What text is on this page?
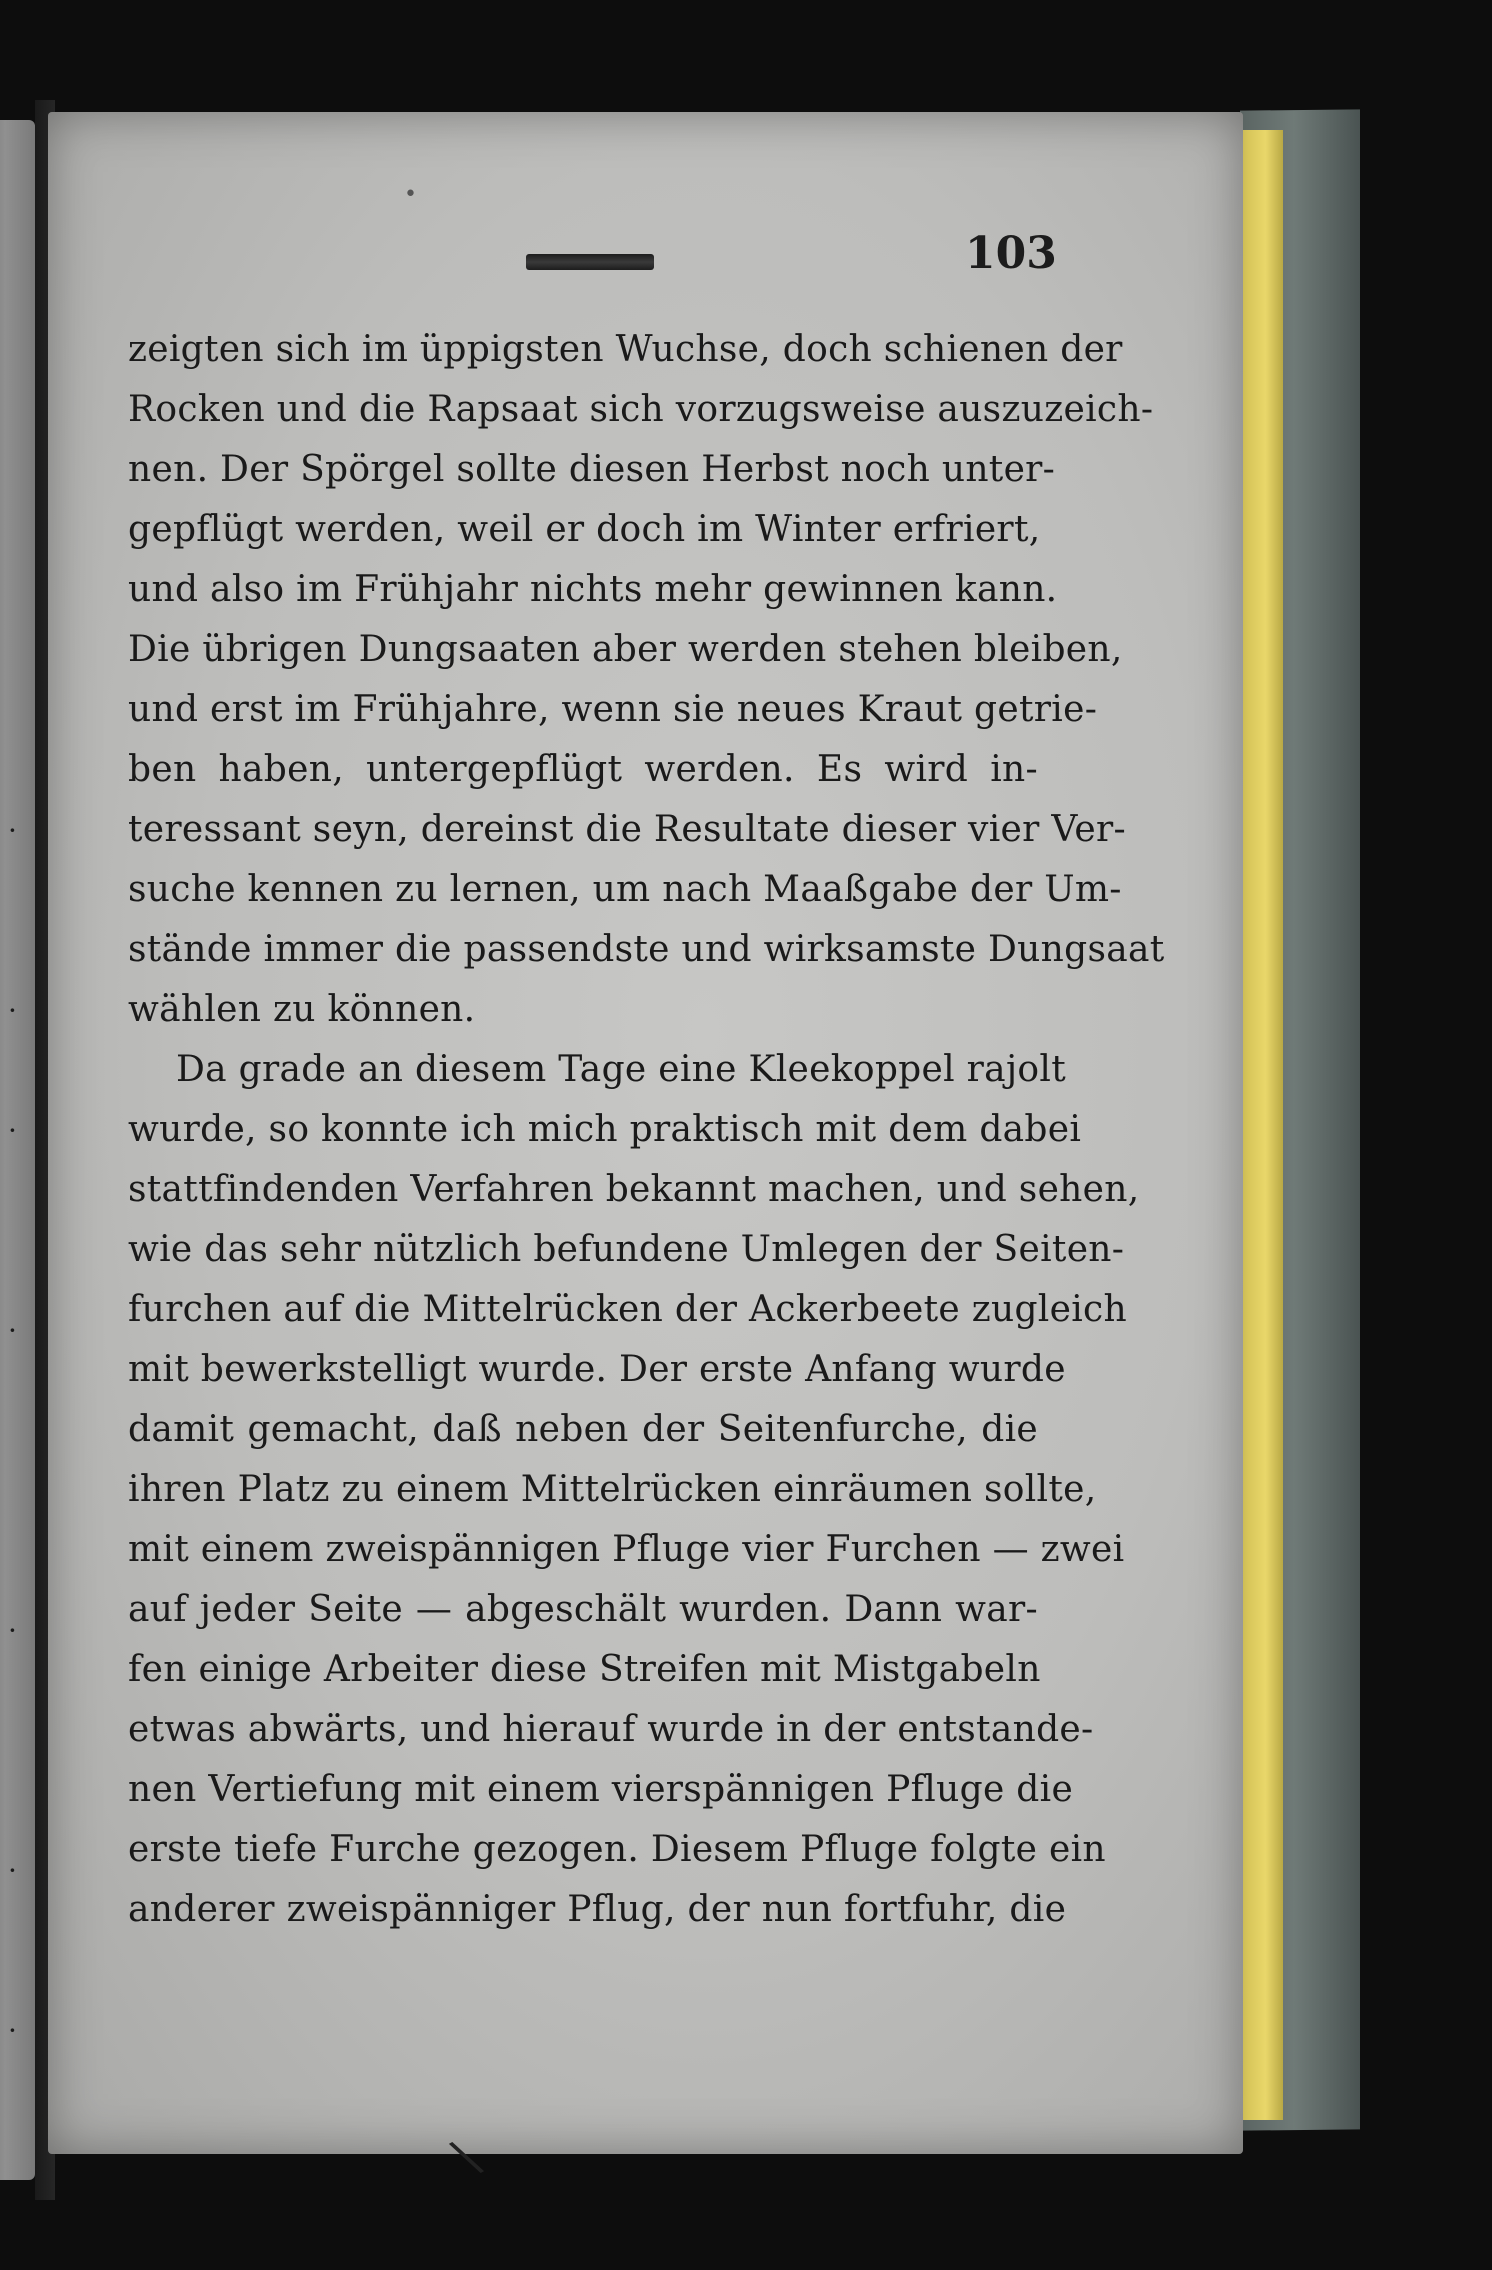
·
·
·
·
·
·
·
•
103
zeigten sich im üppigsten Wuchse, doch schienen der
Rocken und die Rapsaat sich vorzugsweise auszuzeich-
nen. Der Spörgel sollte diesen Herbst noch unter-
gepflügt werden, weil er doch im Winter erfriert,
und also im Frühjahr nichts mehr gewinnen kann.
Die übrigen Dungsaaten aber werden stehen bleiben,
und erst im Frühjahre, wenn sie neues Kraut getrie-
ben haben, untergepflügt werden. Es wird in-
teressant seyn, dereinst die Resultate dieser vier Ver-
suche kennen zu lernen, um nach Maaßgabe der Um-
stände immer die passendste und wirksamste Dungsaat
wählen zu können.
Da grade an diesem Tage eine Kleekoppel rajolt
wurde, so konnte ich mich praktisch mit dem dabei
stattfindenden Verfahren bekannt machen, und sehen,
wie das sehr nützlich befundene Umlegen der Seiten-
furchen auf die Mittelrücken der Ackerbeete zugleich
mit bewerkstelligt wurde. Der erste Anfang wurde
damit gemacht, daß neben der Seitenfurche, die
ihren Platz zu einem Mittelrücken einräumen sollte,
mit einem zweispännigen Pfluge vier Furchen — zwei
auf jeder Seite — abgeschält wurden. Dann war-
fen einige Arbeiter diese Streifen mit Mistgabeln
etwas abwärts, und hierauf wurde in der entstande-
nen Vertiefung mit einem vierspännigen Pfluge die
erste tiefe Furche gezogen. Diesem Pfluge folgte ein
anderer zweispänniger Pflug, der nun fortfuhr, die
\
